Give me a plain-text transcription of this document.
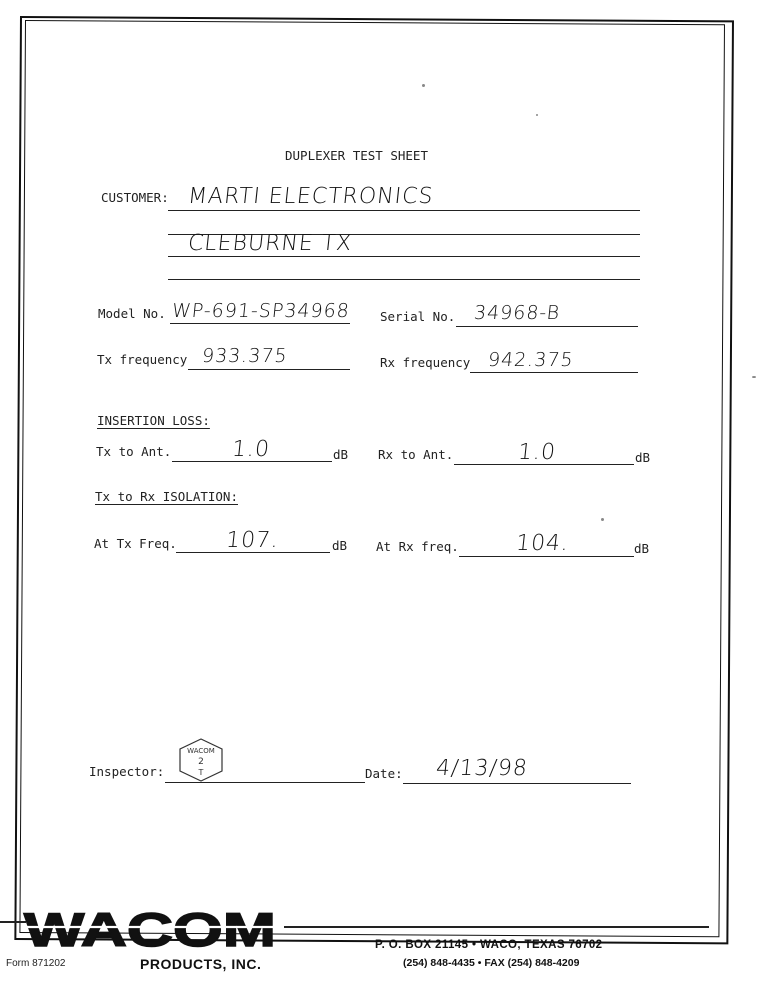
DUPLEXER TEST SHEET
CUSTOMER: MARTI ELECTRONICS
CLEBURNE TX
Model No. WP-691-SP34968 Serial No. 34968-B
Tx frequency 933.375	Rx frequency 942.375
INSERTION LOSS:
Tx to Ant.	1.0	dB Rx to Ant.	1.0	dB
Tx to Rx ISOLATION:
At Tx Freq. 107.	dB At Rx freq.	104.	dB
Inspector:
WACOM
2
T	Date: 4/13/98
WACOM
PRODUCTS, INC.
P. O. BOX 21145 • WACO, TEXAS 76702
(254) 848-4435 • FAX (254) 848-4209
Form 871202
